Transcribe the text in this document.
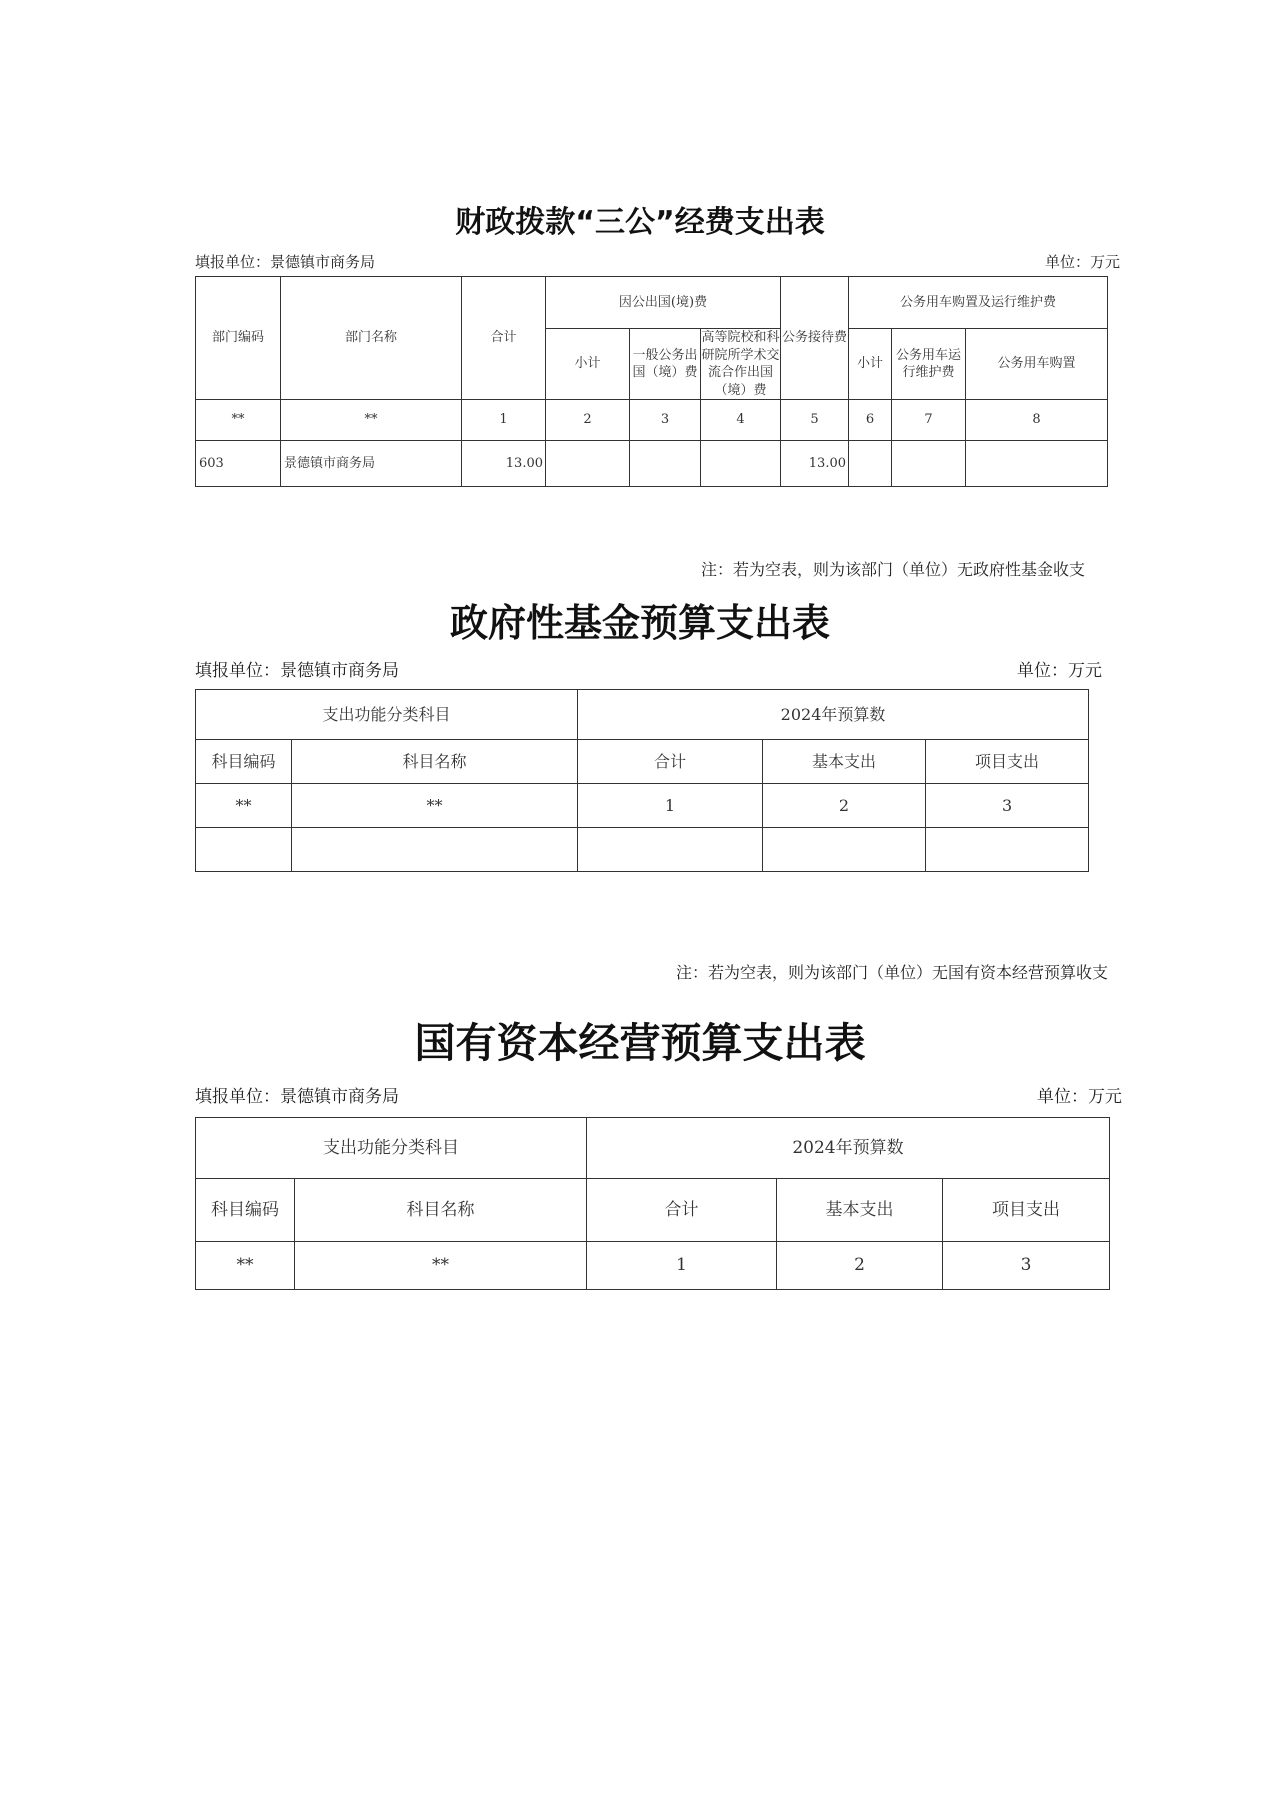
财政拨款“三公”经费支出表
填报单位：景德镇市商务局	单位：万元
部门编码	部门名称	合计	因公出国(境)费			公务接待费	公务用车购置及运行维护费		
			小计	一般公务出国（境）费	高等院校和科研院所学术交流合作出国（境）费		小计	公务用车运行维护费	公务用车购置
**	**	1	2	3	4	5	6	7	8
603	景德镇市商务局	13.00				13.00			
注：若为空表，则为该部门（单位）无政府性基金收支
政府性基金预算支出表
填报单位：景德镇市商务局	单位：万元
支出功能分类科目		2024年预算数		
科目编码	科目名称	合计	基本支出	项目支出
**	**	1	2	3

注：若为空表，则为该部门（单位）无国有资本经营预算收支
国有资本经营预算支出表
填报单位：景德镇市商务局	单位：万元
支出功能分类科目		2024年预算数		
科目编码	科目名称	合计	基本支出	项目支出
**	**	1	2	3
